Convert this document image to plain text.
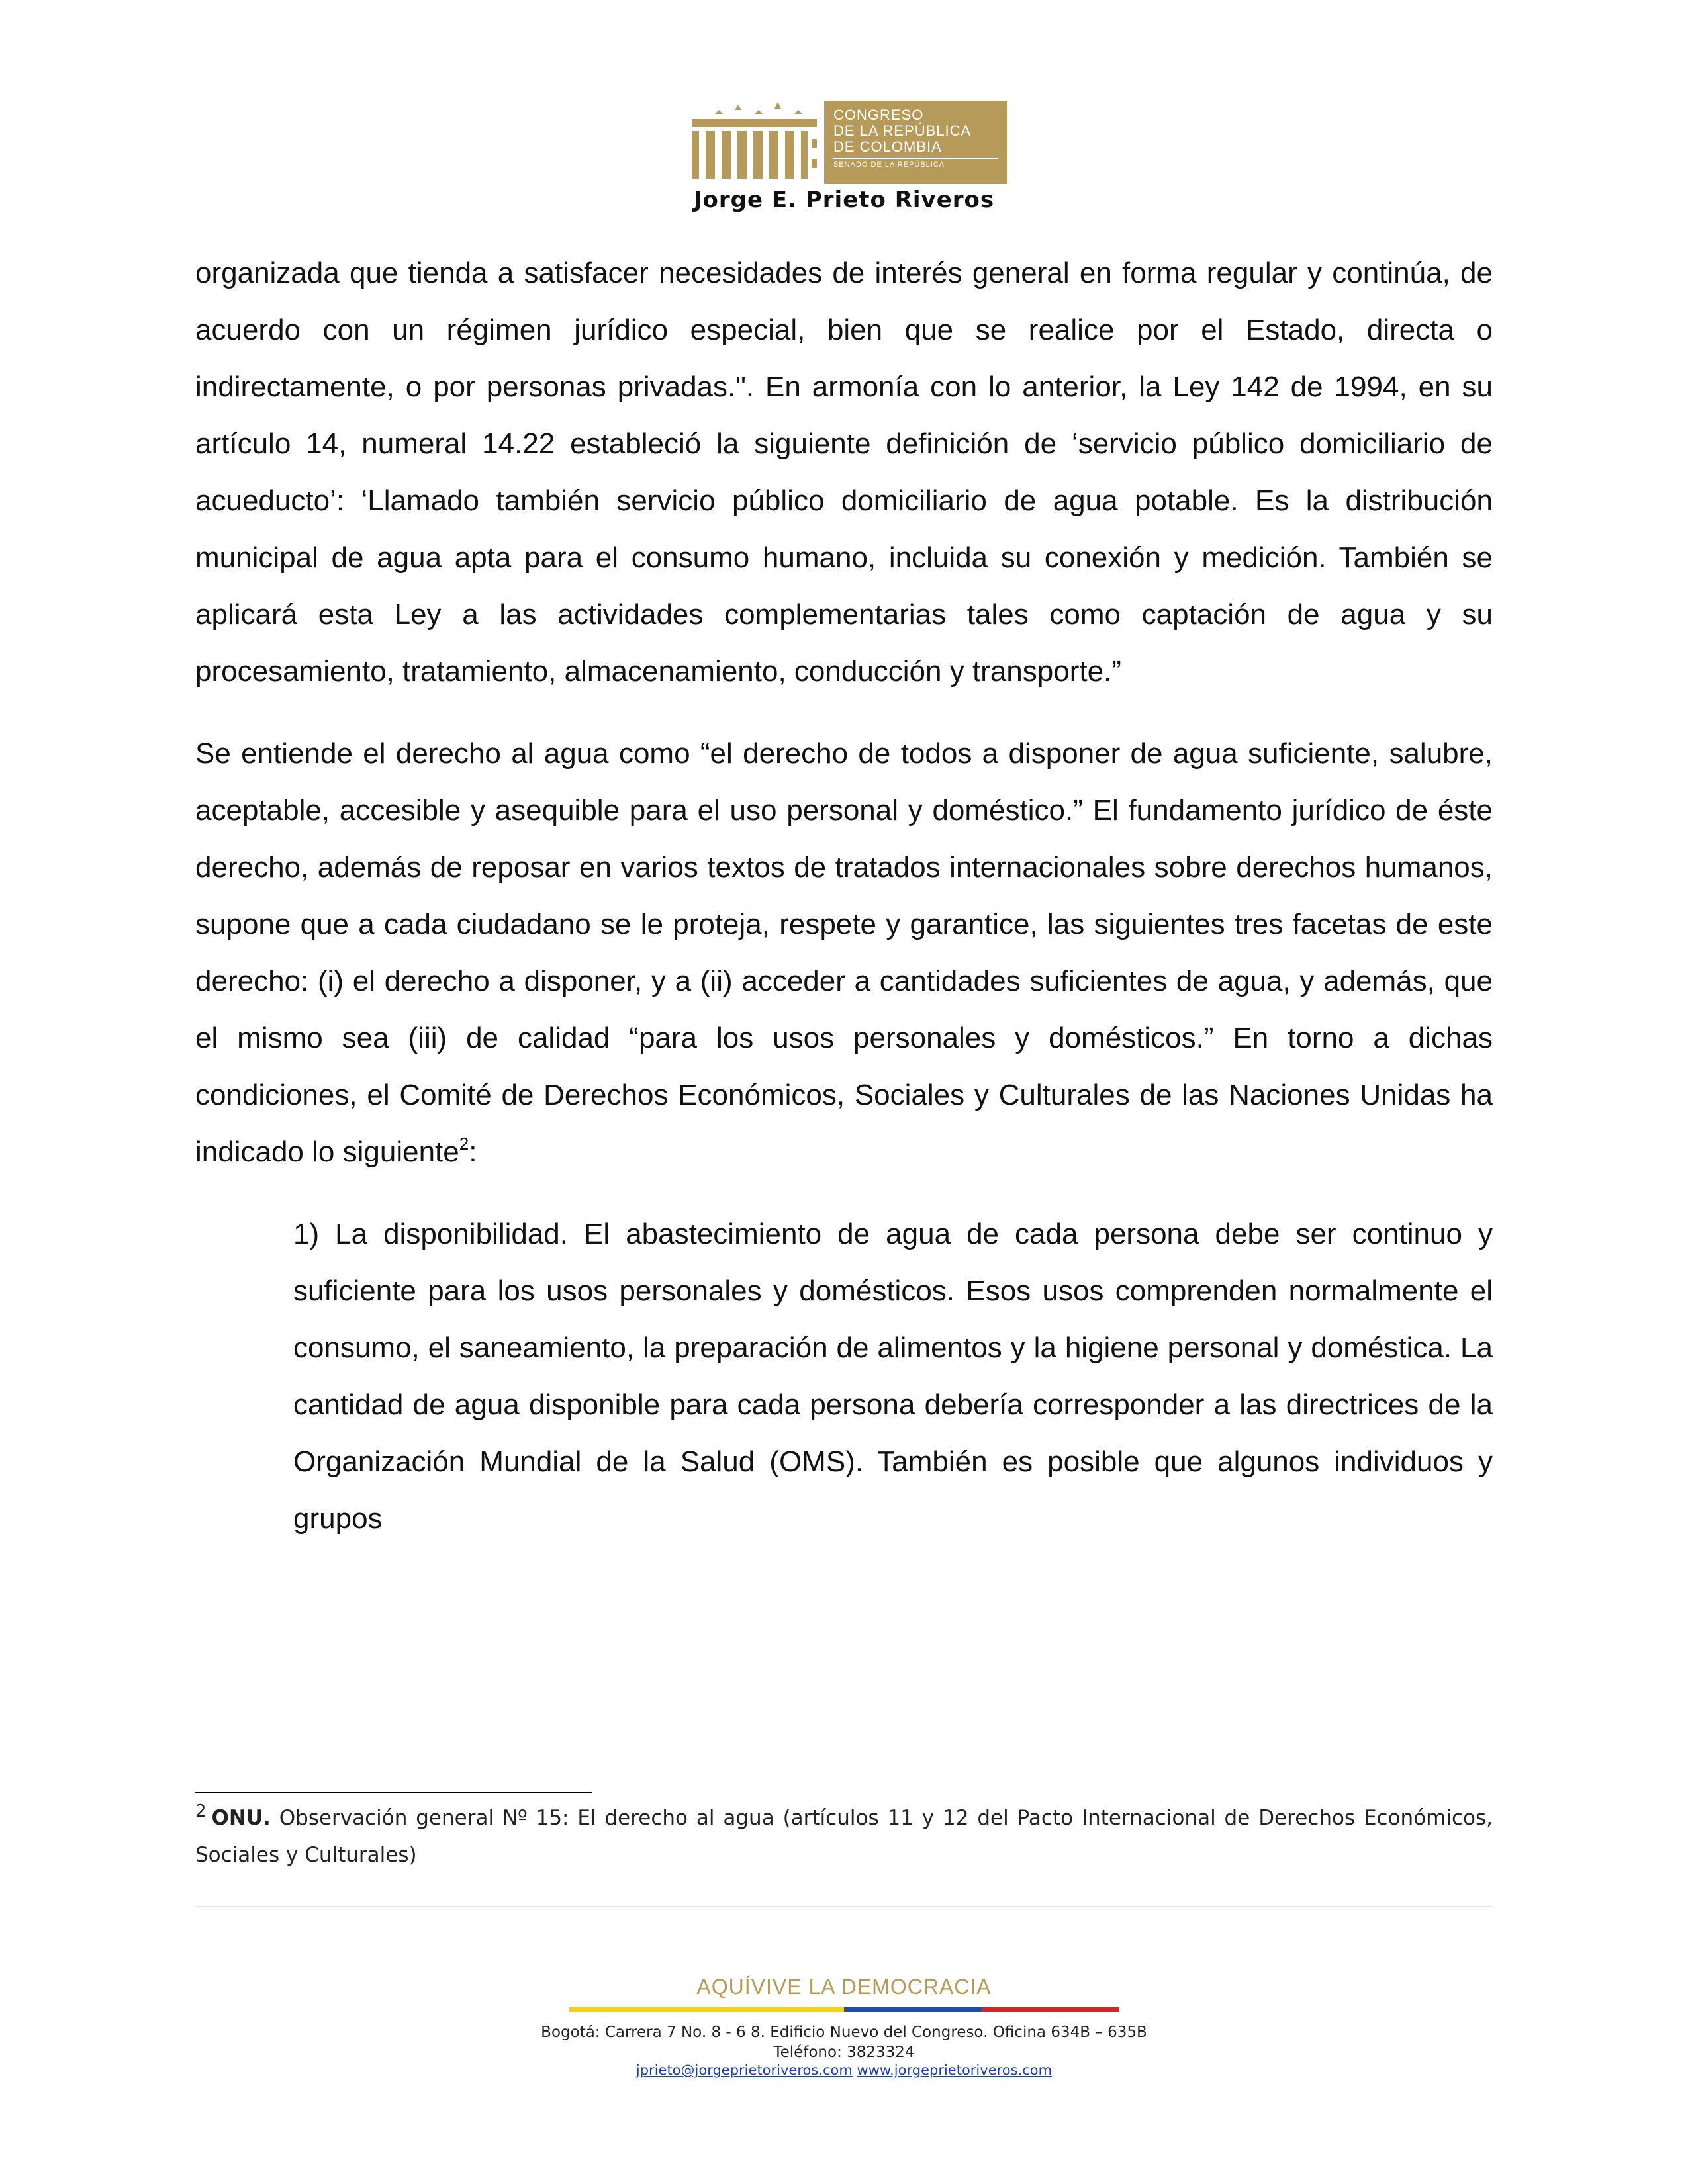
CONGRESO
DE LA REPÚBLICA
DE COLOMBIA
SENADO DE LA REPÚBLICA
Jorge E. Prieto Riveros

organizada que tienda a satisfacer necesidades de interés general en forma regular y continúa, de acuerdo con un régimen jurídico especial, bien que se realice por el Estado, directa o indirectamente, o por personas privadas.". En armonía con lo anterior, la Ley 142 de 1994, en su artículo 14, numeral 14.22 estableció la siguiente definición de ‘servicio público domiciliario de acueducto’: ‘Llamado también servicio público domiciliario de agua potable. Es la distribución municipal de agua apta para el consumo humano, incluida su conexión y medición. También se aplicará esta Ley a las actividades complementarias tales como captación de agua y su procesamiento, tratamiento, almacenamiento, conducción y transporte.”

Se entiende el derecho al agua como “el derecho de todos a disponer de agua suficiente, salubre, aceptable, accesible y asequible para el uso personal y doméstico.” El fundamento jurídico de éste derecho, además de reposar en varios textos de tratados internacionales sobre derechos humanos, supone que a cada ciudadano se le proteja, respete y garantice, las siguientes tres facetas de este derecho: (i) el derecho a disponer, y a (ii) acceder a cantidades suficientes de agua, y además, que el mismo sea (iii) de calidad “para los usos personales y domésticos.” En torno a dichas condiciones, el Comité de Derechos Económicos, Sociales y Culturales de las Naciones Unidas ha indicado lo siguiente$^2$:

1) La disponibilidad. El abastecimiento de agua de cada persona debe ser continuo y suficiente para los usos personales y domésticos. Esos usos comprenden normalmente el consumo, el saneamiento, la preparación de alimentos y la higiene personal y doméstica. La cantidad de agua disponible para cada persona debería corresponder a las directrices de la Organización Mundial de la Salud (OMS). También es posible que algunos individuos y grupos

$^2$ ONU. Observación general Nº 15: El derecho al agua (artículos 11 y 12 del Pacto Internacional de Derechos Económicos, Sociales y Culturales)
AQUÍVIVE LA DEMOCRACIA
Bogotá: Carrera 7 No. 8 - 6 8. Edificio Nuevo del Congreso. Oficina 634B – 635B
Teléfono: 3823324
jprieto@jorgeprietoriveros.com www.jorgeprietoriveros.com
